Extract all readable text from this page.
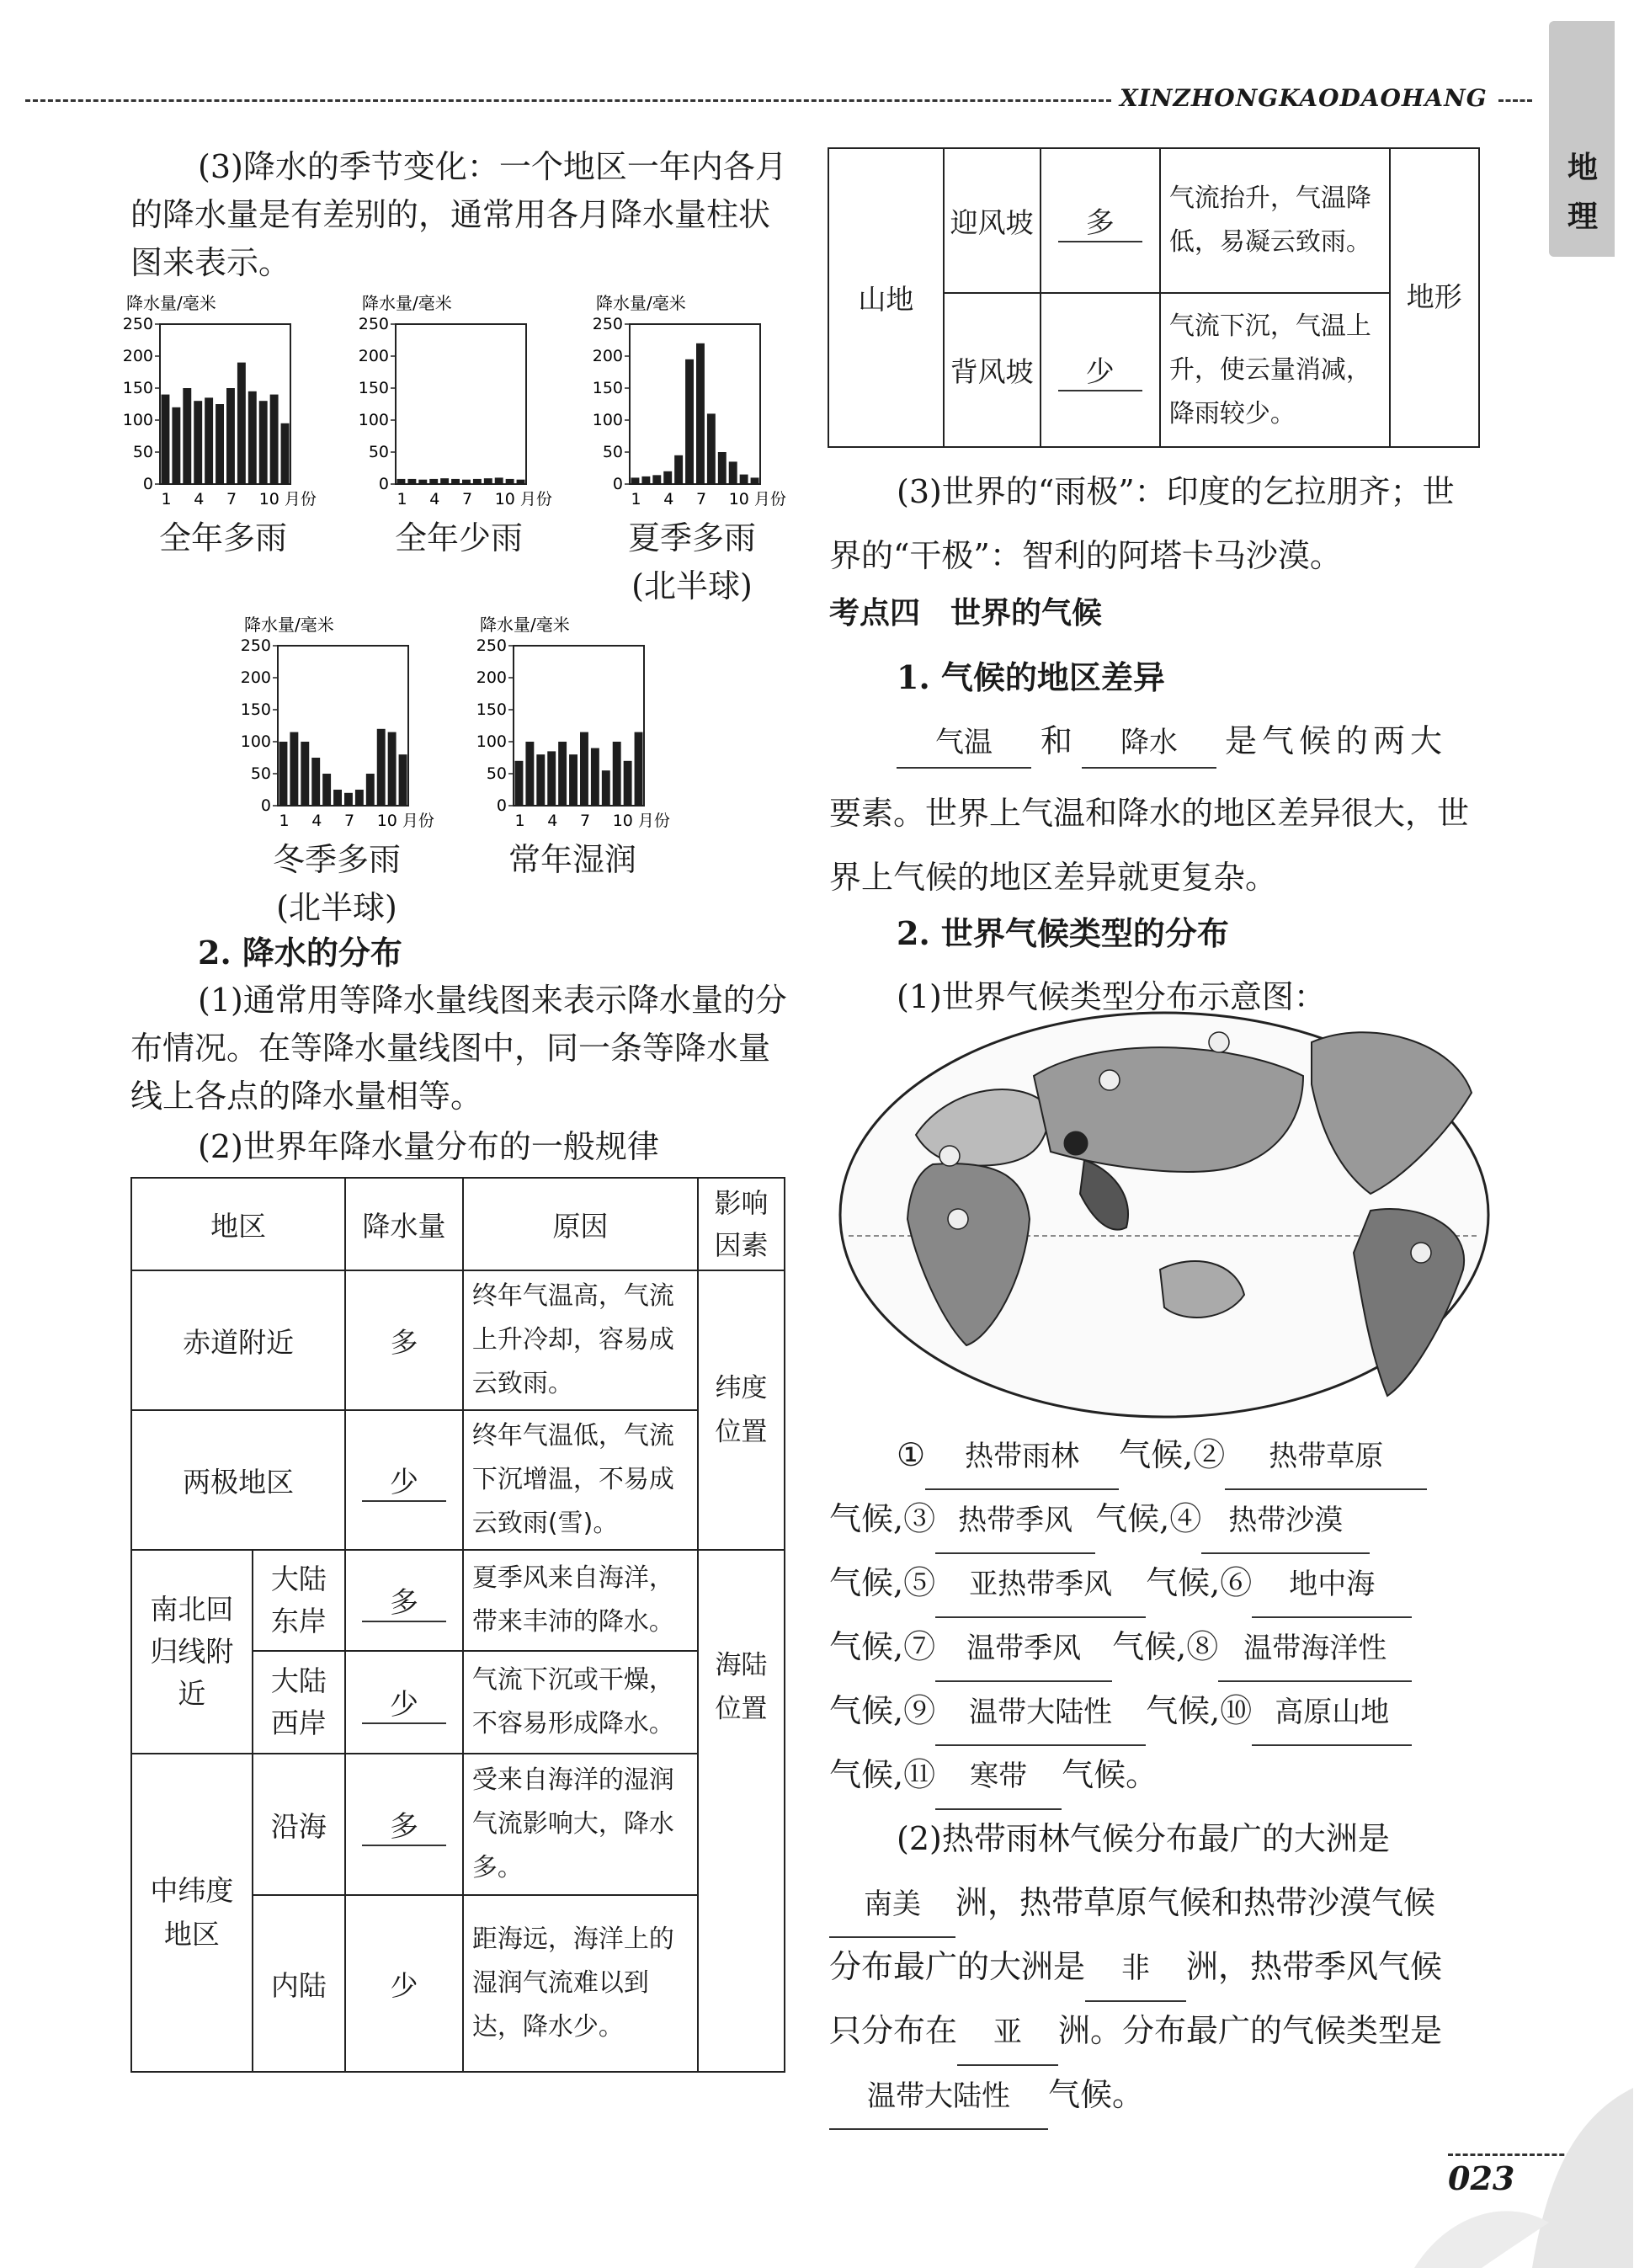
XINZHONGKAODAOHANG
地理
(3)降水的季节变化：一个地区一年内各月的降水量是有差别的，通常用各月降水量柱状图来表示。
降水量/毫米
250
200
150
100
50
0
1 4 7 10 月份
降水量/毫米
250
200
150
100
50
0
1 4 7 10 月份
降水量/毫米
250
200
150
100
50
0
1 4 7 10 月份
降水量/毫米
250
200
150
100
50
0
1 4 7 10 月份
降水量/毫米
250
200
150
100
50
0
1 4 7 10 月份
全年多雨	全年少雨	夏季多雨
(北半球)
冬季多雨
(北半球)
常年湿润
2. 降水的分布
(1)通常用等降水量线图来表示降水量的分布情况。在等降水量线图中，同一条等降水量线上各点的降水量相等。
(2)世界年降水量分布的一般规律
地区		降水量	原因	影响因素
赤道附近		多	终年气温高，气流上升冷却，容易成云致雨。	纬度位置
两极地区		少	终年气温低，气流下沉增温，不易成云致雨(雪)。	
南北回归线附近	大陆东岸	多	夏季风来自海洋，带来丰沛的降水。	海陆位置
	大陆西岸	少	气流下沉或干燥，不容易形成降水。	
中纬度地区	沿海	多	受来自海洋的湿润气流影响大，降水多。	
	内陆	少	距海远，海洋上的湿润气流难以到达，降水少。	
山地	迎风坡	多	气流抬升，气温降低，易凝云致雨。	地形
	背风坡	少	气流下沉，气温上升，使云量消减，降雨较少。	
(3)世界的“雨极”：印度的乞拉朋齐；世界的“干极”：智利的阿塔卡马沙漠。
考点四　世界的气候
1. 气候的地区差异
气温 和 降水 是气候的两大
要素。世界上气温和降水的地区差异很大，世界上气候的地区差异就更复杂。
2. 世界气候类型的分布
(1)世界气候类型分布示意图：
① 热带雨林 气候,② 热带草原
气候,③ 热带季风 气候,④ 热带沙漠
气候,⑤ 亚热带季风 气候,⑥ 地中海
气候,⑦ 温带季风 气候,⑧ 温带海洋性
气候,⑨ 温带大陆性 气候,⑩ 高原山地
气候,⑪ 寒带 气候。
(2)热带雨林气候分布最广的大洲是
南美 洲，热带草原气候和热带沙漠气候
分布最广的大洲是 非 洲，热带季风气候
只分布在 亚 洲。分布最广的气候类型是
温带大陆性 气候。
023
